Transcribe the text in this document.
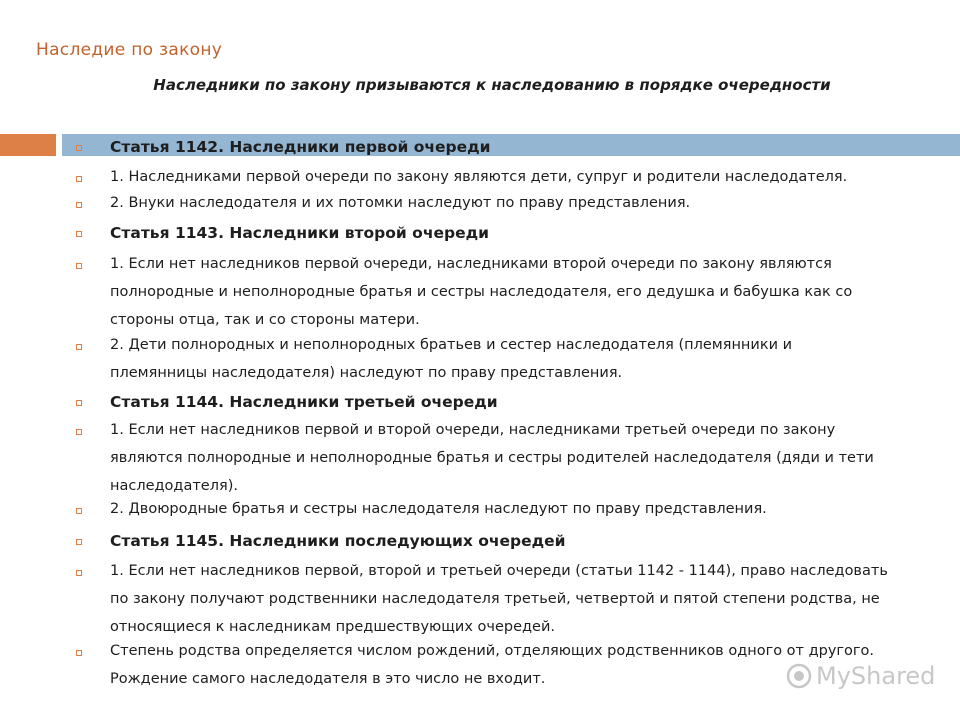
Наследие по закону
Наследники по закону призываются к наследованию в порядке очередности
Статья 1142. Наследники первой очереди
1. Наследниками первой очереди по закону являются дети, супруг и родители наследодателя.
2. Внуки наследодателя и их потомки наследуют по праву представления.
Статья 1143. Наследники второй очереди
1. Если нет наследников первой очереди, наследниками второй очереди по закону являются
полнородные и неполнородные братья и сестры наследодателя, его дедушка и бабушка как со
стороны отца, так и со стороны матери.
2. Дети полнородных и неполнородных братьев и сестер наследодателя (племянники и
племянницы наследодателя) наследуют по праву представления.
Статья 1144. Наследники третьей очереди
1. Если нет наследников первой и второй очереди, наследниками третьей очереди по закону
являются полнородные и неполнородные братья и сестры родителей наследодателя (дяди и тети
наследодателя).
2. Двоюродные братья и сестры наследодателя наследуют по праву представления.
Статья 1145. Наследники последующих очередей
1. Если нет наследников первой, второй и третьей очереди (статьи 1142 - 1144), право наследовать
по закону получают родственники наследодателя третьей, четвертой и пятой степени родства, не
относящиеся к наследникам предшествующих очередей.
Степень родства определяется числом рождений, отделяющих родственников одного от другого.
Рождение самого наследодателя в это число не входит.	MyShared
